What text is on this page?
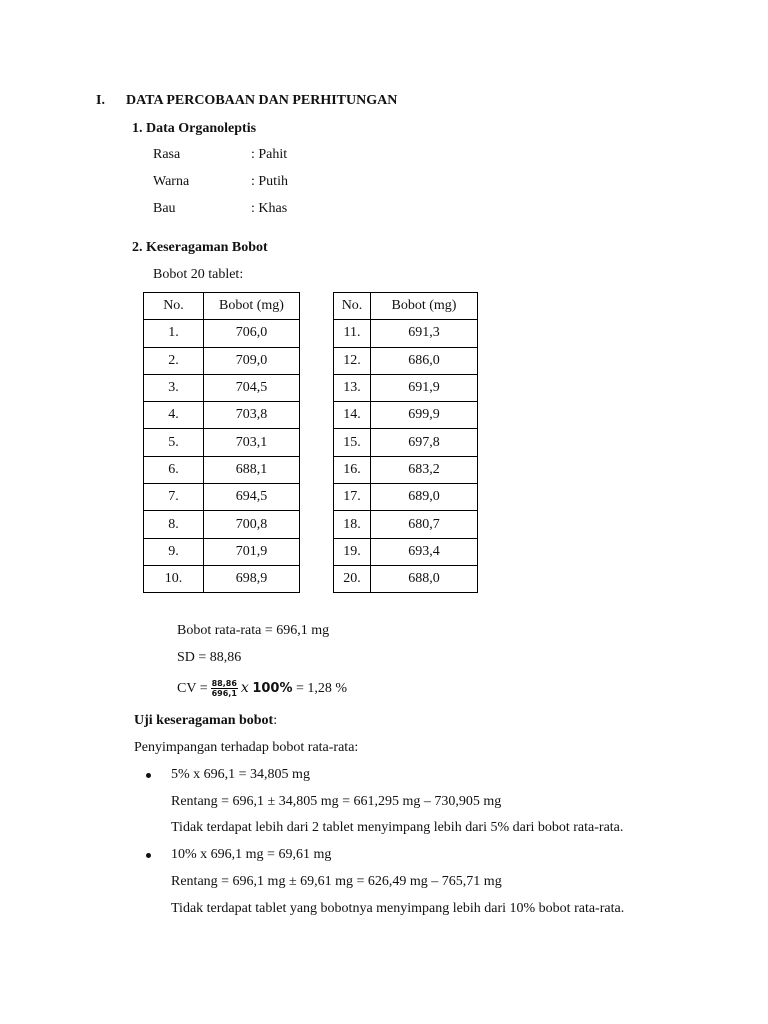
I. DATA PERCOBAAN DAN PERHITUNGAN
1. Data Organoleptis
Rasa	: Pahit
Warna	: Putih
Bau	: Khas
2. Keseragaman Bobot
Bobot 20 tablet:
No.	Bobot (mg)
1.	706,0
2.	709,0
3.	704,5
4.	703,8
5.	703,1
6.	688,1
7.	694,5
8.	700,8
9.	701,9
10.	698,9
No.	Bobot (mg)
11.	691,3
12.	686,0
13.	691,9
14.	699,9
15.	697,8
16.	683,2
17.	689,0
18.	680,7
19.	693,4
20.	688,0
Bobot rata-rata = 696,1 mg
SD = 88,86
CV = $\frac{88,86}{696,1}$ x 100% = 1,28 %
Uji keseragaman bobot:
Penyimpangan terhadap bobot rata-rata:
5% x 696,1 = 34,805 mg
Rentang = 696,1 ± 34,805 mg = 661,295 mg – 730,905 mg
Tidak terdapat lebih dari 2 tablet menyimpang lebih dari 5% dari bobot rata-rata.
10% x 696,1 mg = 69,61 mg
Rentang = 696,1 mg ± 69,61 mg = 626,49 mg – 765,71 mg
Tidak terdapat tablet yang bobotnya menyimpang lebih dari 10% bobot rata-rata.
